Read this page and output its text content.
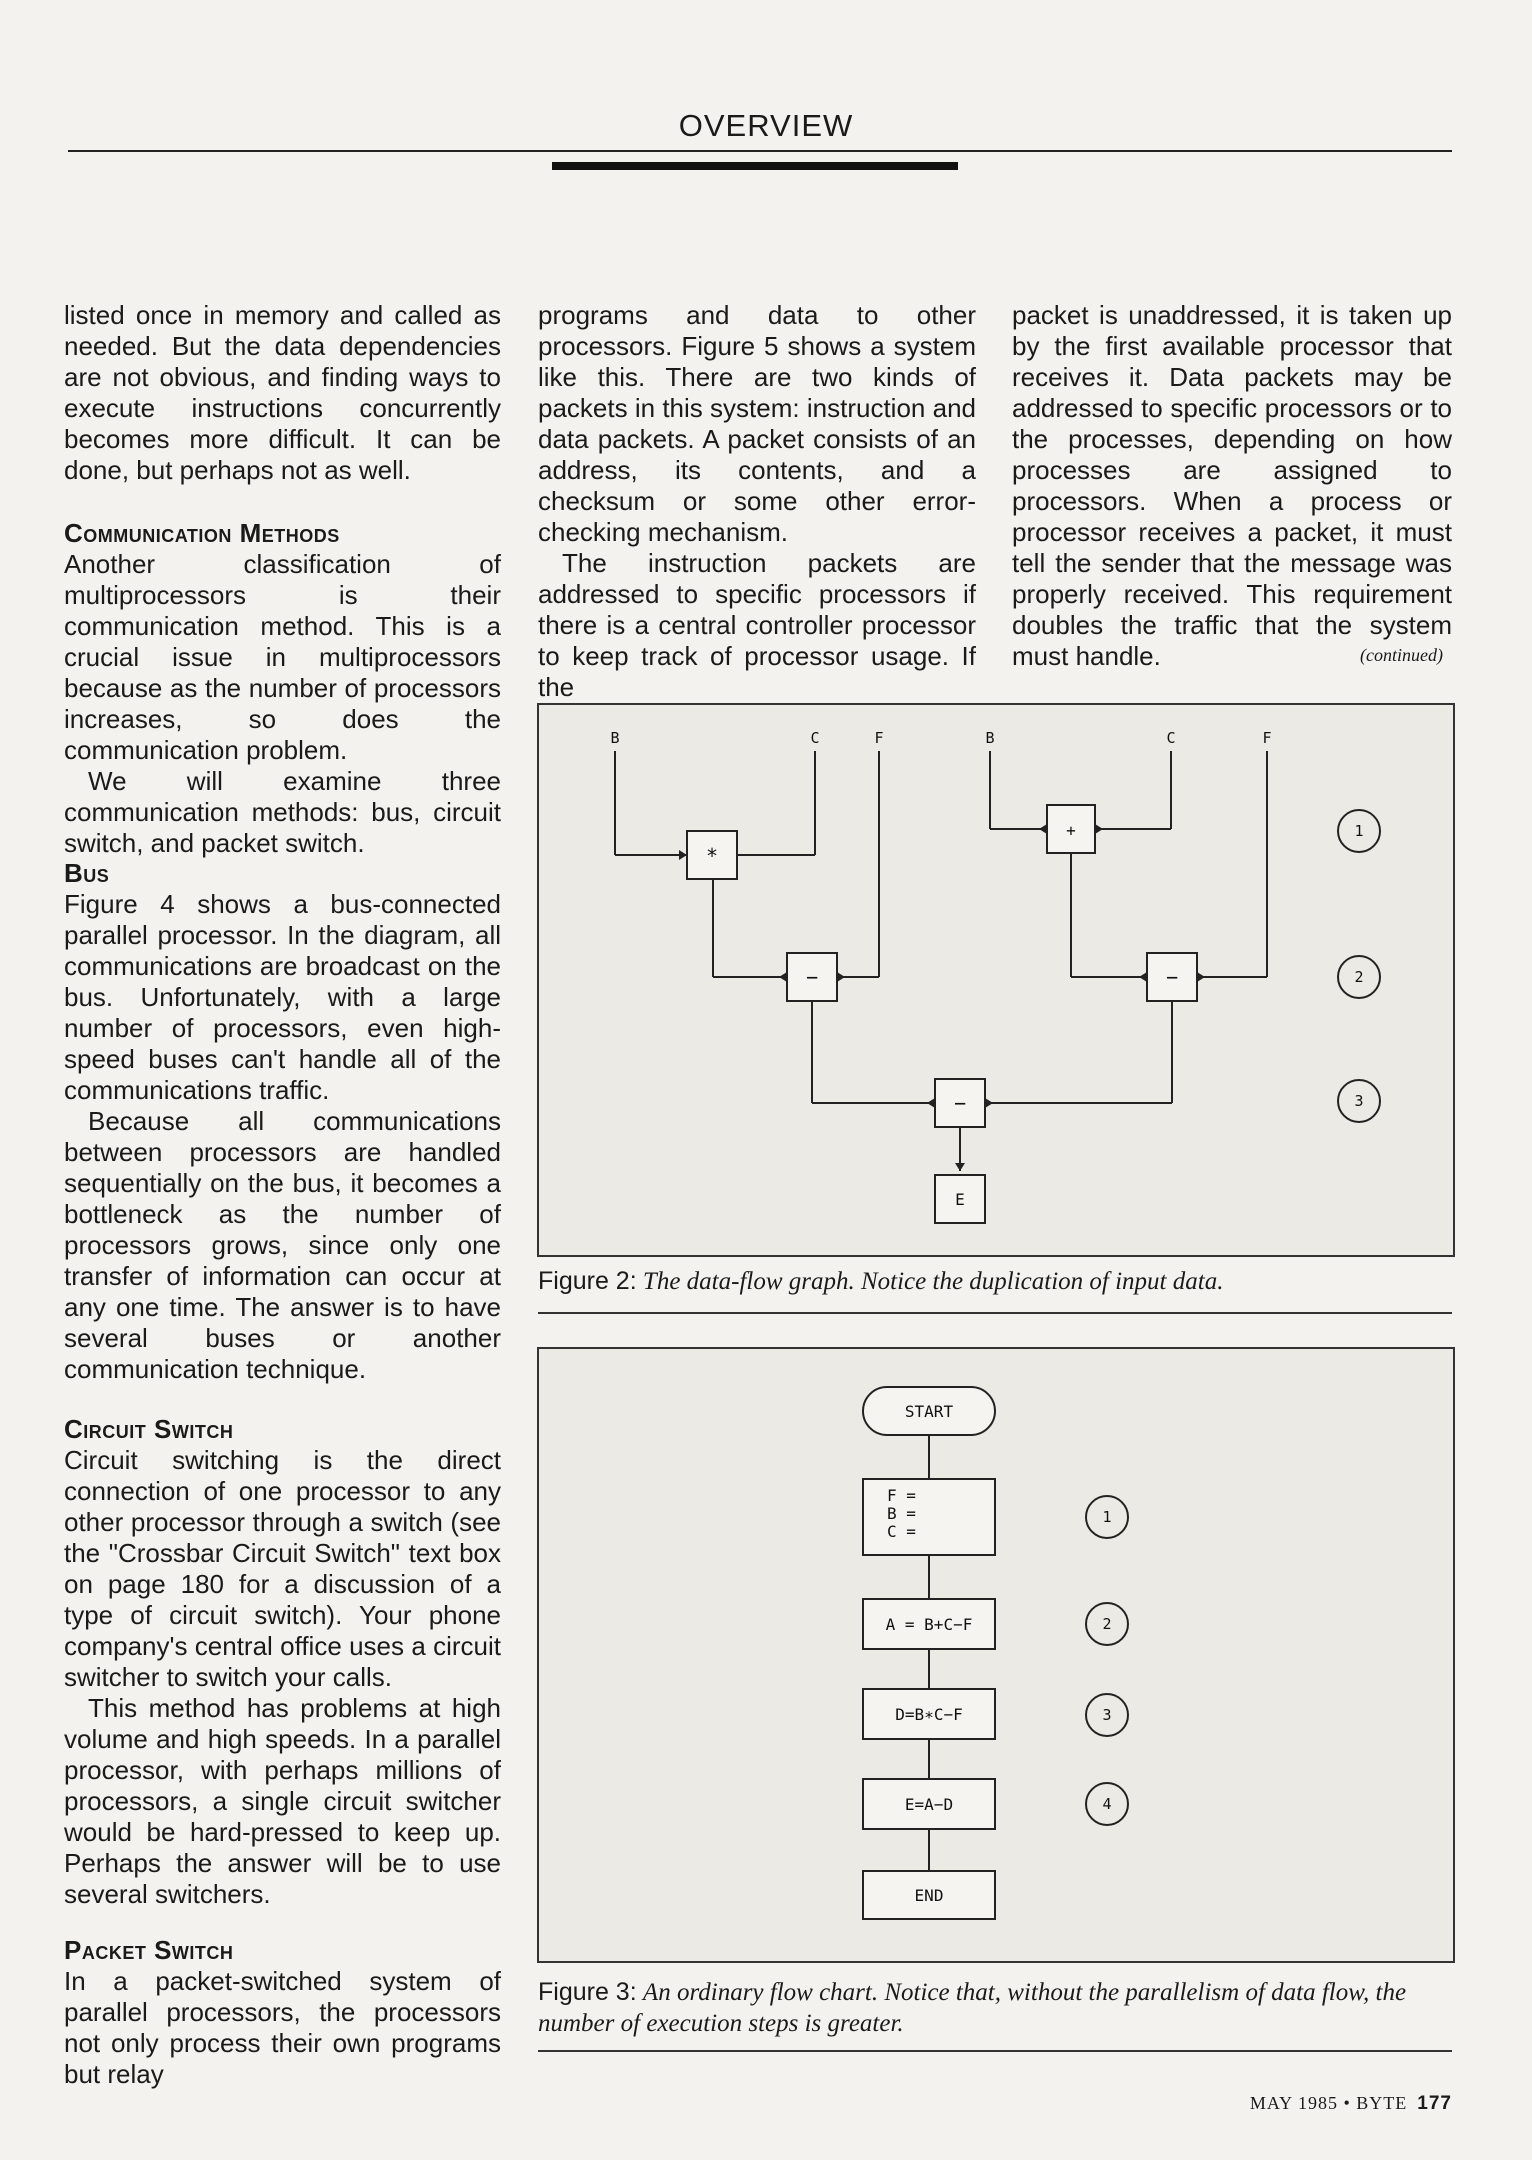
OVERVIEW

listed once in memory and called as needed. But the data dependencies are not obvious, and finding ways to execute instructions concurrently becomes more difficult. It can be done, but perhaps not as well.

Communication Methods

Another classification of multiprocessors is their communication method. This is a crucial issue in multiprocessors because as the number of processors increases, so does the communication problem.

We will examine three communication methods: bus, circuit switch, and packet switch.

Bus

Figure 4 shows a bus-connected parallel processor. In the diagram, all communications are broadcast on the bus. Unfortunately, with a large number of processors, even high-speed buses can't handle all of the communications traffic.

Because all communications between processors are handled sequentially on the bus, it becomes a bottleneck as the number of processors grows, since only one transfer of information can occur at any one time. The answer is to have several buses or another communication technique.

Circuit Switch

Circuit switching is the direct connection of one processor to any other processor through a switch (see the "Crossbar Circuit Switch" text box on page 180 for a discussion of a type of circuit switch). Your phone company's central office uses a circuit switcher to switch your calls.

This method has problems at high volume and high speeds. In a parallel processor, with perhaps millions of processors, a single circuit switcher would be hard-pressed to keep up. Perhaps the answer will be to use several switchers.

Packet Switch

In a packet-switched system of parallel processors, the processors not only process their own programs but relay

programs and data to other processors. Figure 5 shows a system like this. There are two kinds of packets in this system: instruction and data packets. A packet consists of an address, its contents, and a checksum or some other error-checking mechanism.

The instruction packets are addressed to specific processors if there is a central controller processor to keep track of processor usage. If the

packet is unaddressed, it is taken up by the first available processor that receives it. Data packets may be addressed to specific processors or to the processes, depending on how processes are assigned to processors. When a process or processor receives a packet, it must tell the sender that the message was properly received. This requirement doubles the traffic that the system must handle.	(continued)
B	C	F	B	C	F
*
+
−	−
−
E
1
2
3
Figure 2: The data-flow graph. Notice the duplication of input data.
START
F =
B =
C =
A = B+C−F
D=B∗C−F
E=A−D
END
1
2
3
4
Figure 3: An ordinary flow chart. Notice that, without the parallelism of data flow, the number of execution steps is greater.
MAY 1985 • BYTE 177
